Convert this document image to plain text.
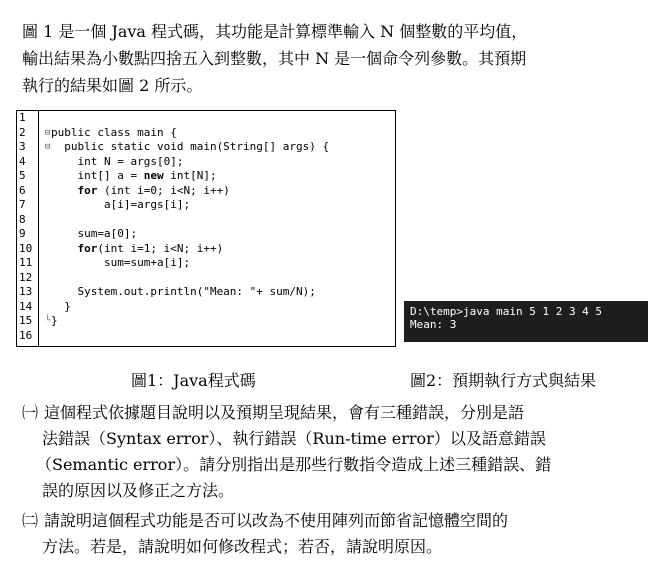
圖 1 是一個 Java 程式碼，其功能是計算標準輸入 N 個整數的平均值，

輸出結果為小數點四捨五入到整數，其中 N 是一個命令列參數。其預期

執行的結果如圖 2 所示。

1
2	⊟ public class main {
3	⊟ public static void main(String[] args) {
4	int N = args[0];
5	int[] a = new int[N];
6	for (int i=0; i<N; i++)
7	a[i]=args[i];
8
9	sum=a[0];
10	for(int i=1; i<N; i++)
11 sum=sum+a[i];
12
13 System.out.println("Mean: "+ sum/N);
14 }
15 └ }
16
D:\temp>java main 5 1 2 3 4 5
Mean: 3
圖1：Java程式碼	圖2：預期執行方式與結果
㈠ 這個程式依據題目說明以及預期呈現結果，會有三種錯誤，分別是語

法錯誤（Syntax error）、執行錯誤（Run-time error）以及語意錯誤

（Semantic error）。請分別指出是那些行數指令造成上述三種錯誤、錯

誤的原因以及修正之方法。

㈡ 請說明這個程式功能是否可以改為不使用陣列而節省記憶體空間的

方法。若是，請說明如何修改程式；若否，請說明原因。
